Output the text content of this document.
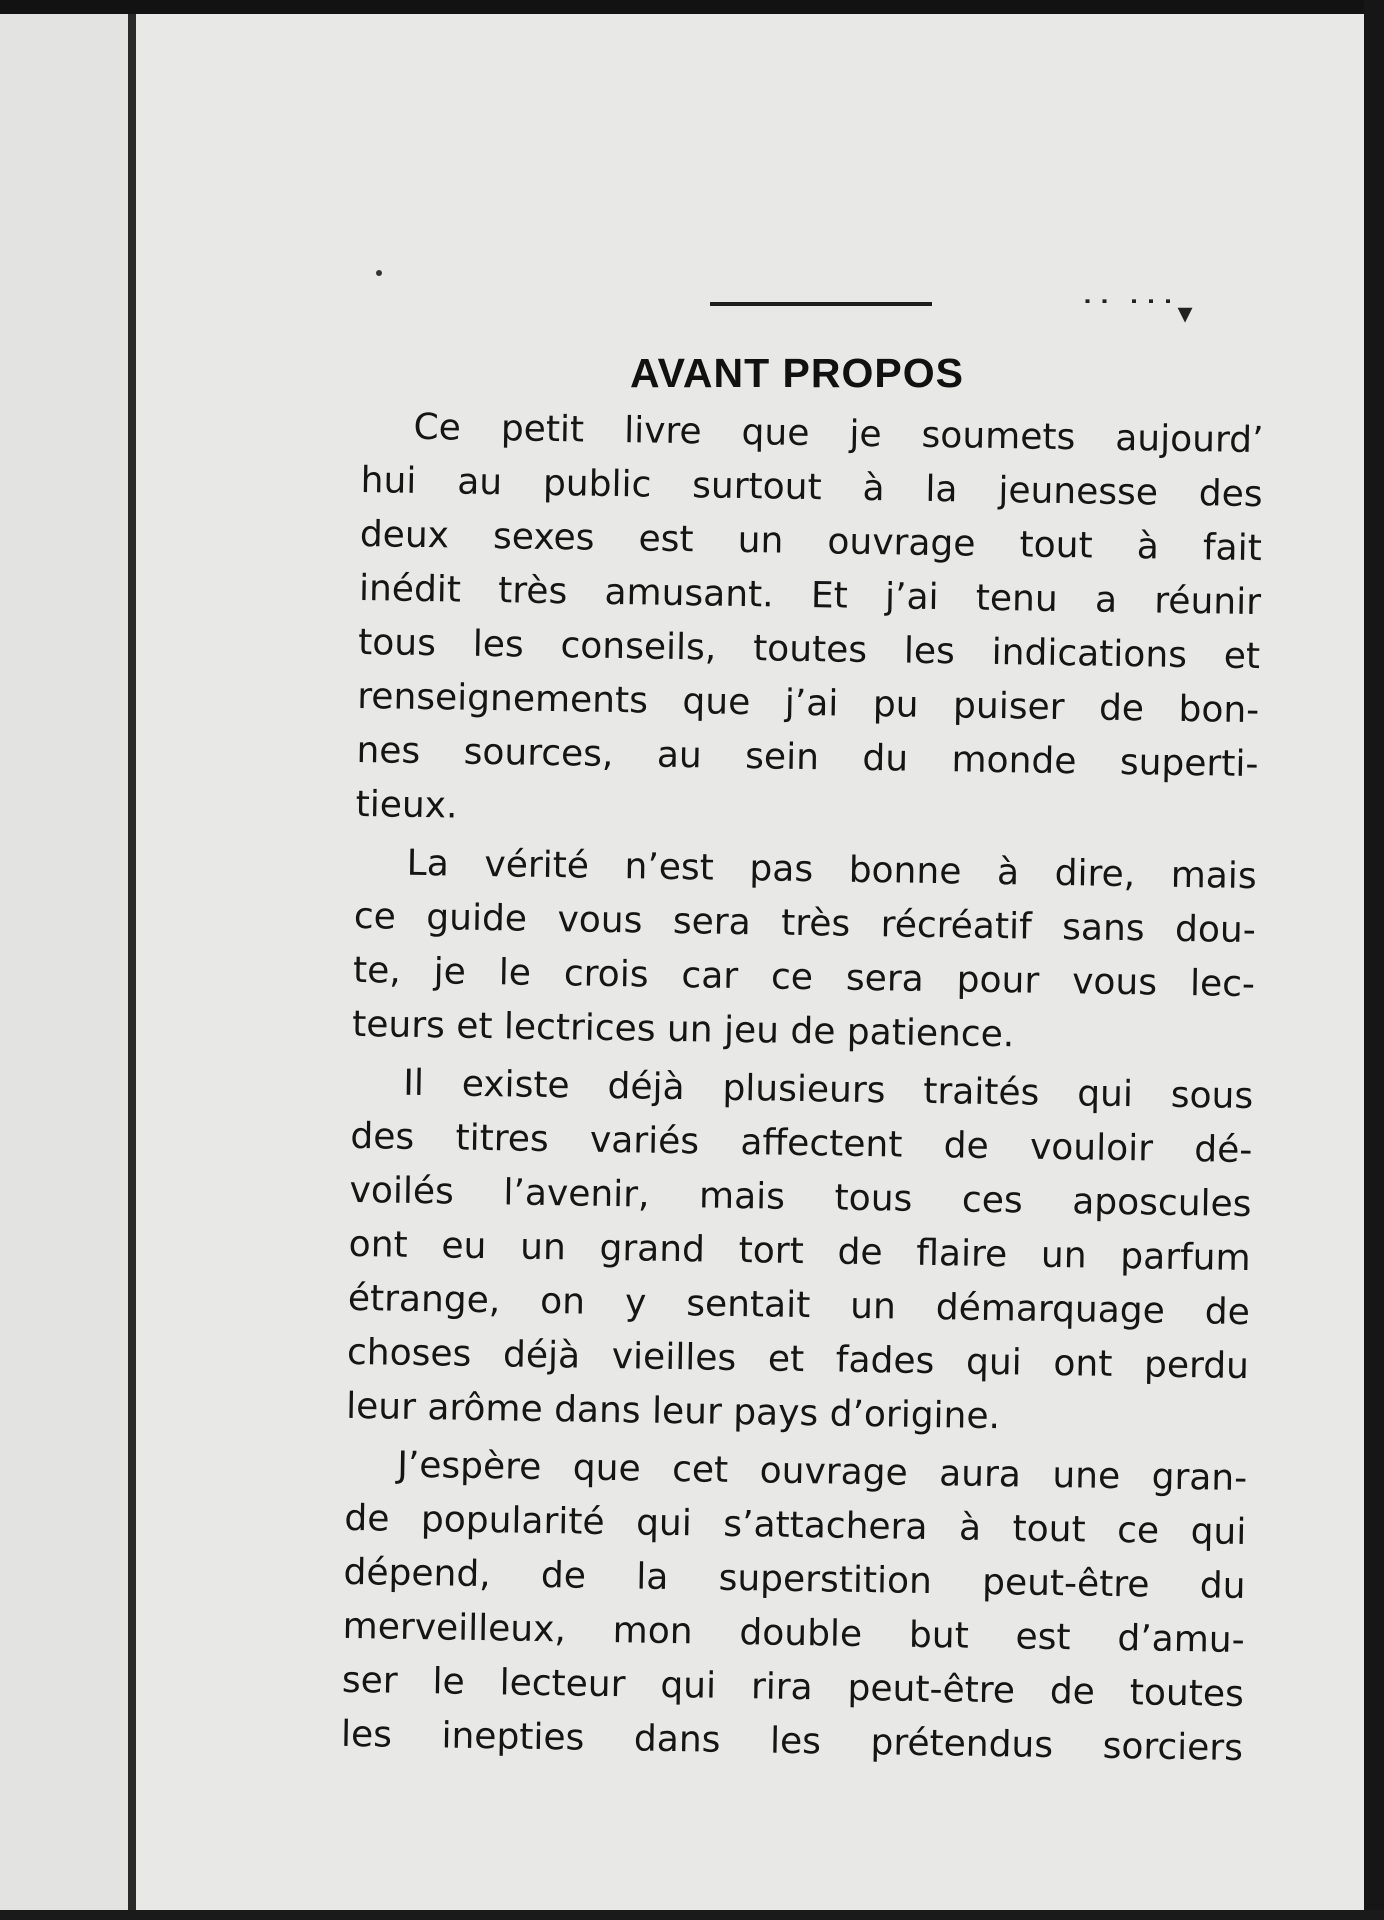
˙˙ ˙˙˙▾
AVANT PROPOS
Ce petit livre que je soumets aujourd’
hui au public surtout à la jeunesse des
deux sexes est un ouvrage tout à fait
inédit très amusant. Et j’ai tenu a réunir
tous les conseils, toutes les indications et
renseignements que j’ai pu puiser de bon-
nes sources, au sein du monde superti-
tieux.
La vérité n’est pas bonne à dire, mais
ce guide vous sera très récréatif sans dou-
te, je le crois car ce sera pour vous lec-
teurs et lectrices un jeu de patience.
Il existe déjà plusieurs traités qui sous
des titres variés affectent de vouloir dé-
voilés l’avenir, mais tous ces aposcules
ont eu un grand tort de flaire un parfum
étrange, on y sentait un démarquage de
choses déjà vieilles et fades qui ont perdu
leur arôme dans leur pays d’origine.
J’espère que cet ouvrage aura une gran-
de popularité qui s’attachera à tout ce qui
dépend, de la superstition peut-être du
merveilleux, mon double but est d’amu-
ser le lecteur qui rira peut-être de toutes
les inepties dans les prétendus sorciers
